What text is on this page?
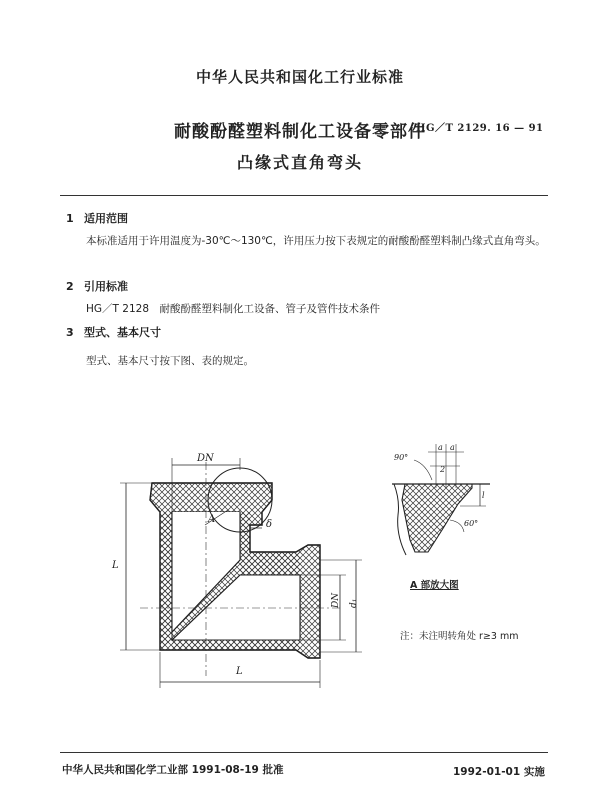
中华人民共和国化工行业标准
耐酸酚醛塑料制化工设备零部件
HG／T 2129. 16 — 91
凸缘式直角弯头
1 适用范围
本标准适用于许用温度为-30℃～130℃，许用压力按下表规定的耐酸酚醛塑料制凸缘式直角弯头。
2 引用标准
HG／T 2128　耐酸酚醛塑料制化工设备、管子及管件技术条件
3 型式、基本尺寸
型式、基本尺寸按下图、表的规定。
DN
A	δ
L
DN d₁
L
90°
a a
2
l
60°
A 部放大图
注：未注明转角处 r≥3 mm
中华人民共和国化学工业部 1991-08-19 批准	1992-01-01 实施
